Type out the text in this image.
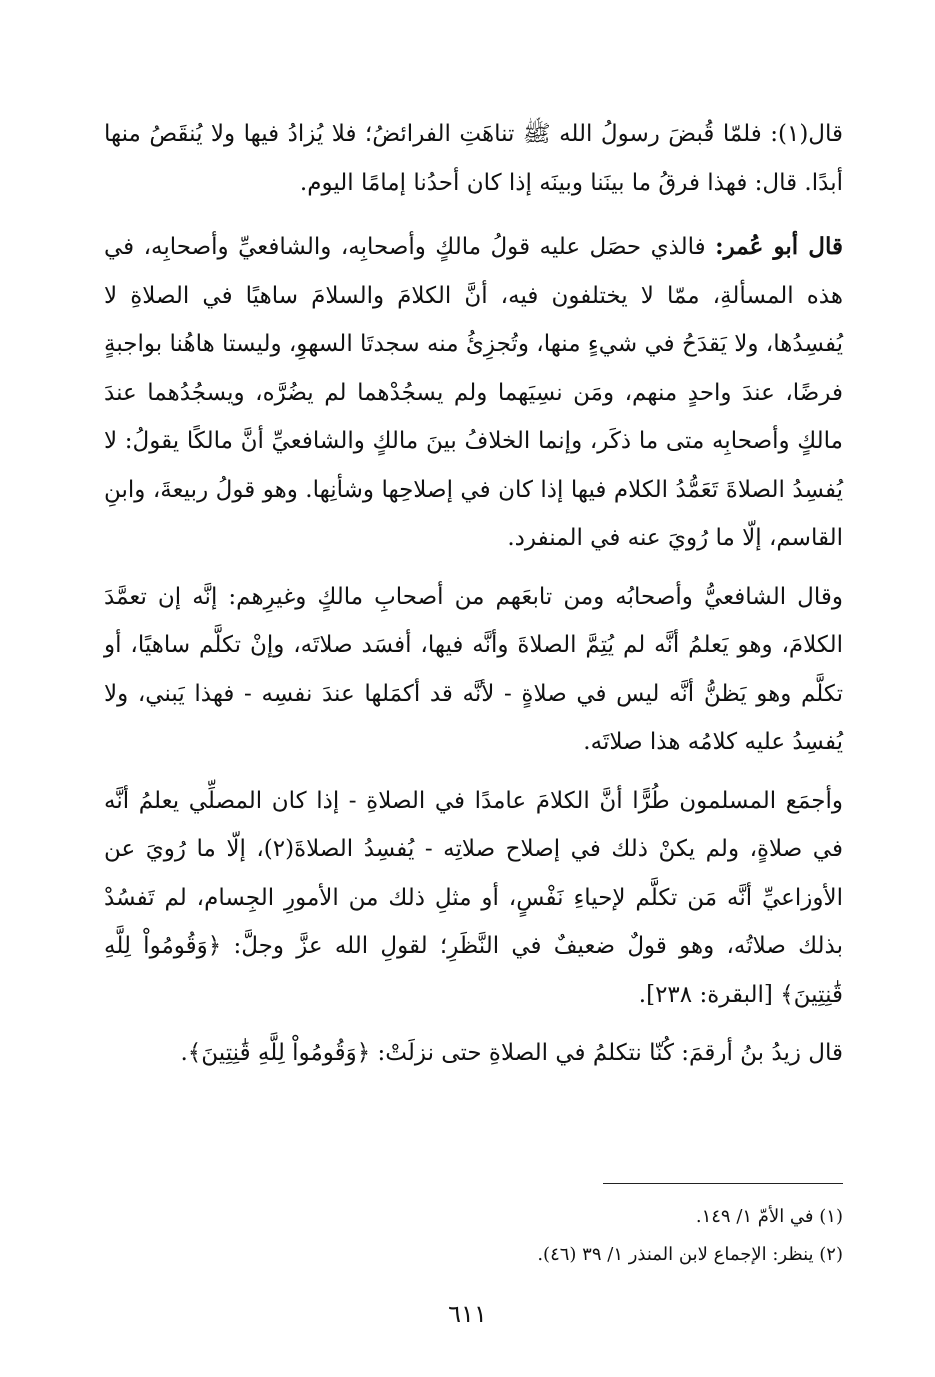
قال(١): فلمّا قُبضَ رسولُ الله ﷺ تناهَتِ الفرائضُ؛ فلا يُزادُ فيها ولا يُنقَصُ منها أبدًا. قال: فهذا فرقُ ما بينَنا وبينَه إذا كان أحدُنا إمامًا اليوم.

قال أبو عُمر: فالذي حصَل عليه قولُ مالكٍ وأصحابِه، والشافعيِّ وأصحابِه، في هذه المسألةِ، ممّا لا يختلفون فيه، أنَّ الكلامَ والسلامَ ساهيًا في الصلاةِ لا يُفسِدُها، ولا يَقدَحُ في شيءٍ منها، وتُجزِئُ منه سجدتَا السهوِ، وليستا هاهُنا بواجبةٍ فرضًا، عندَ واحدٍ منهم، ومَن نسِيَهما ولم يسجُدْهما لم يضُرَّه، ويسجُدُهما عندَ مالكٍ وأصحابِه متى ما ذكَر، وإنما الخلافُ بينَ مالكٍ والشافعيِّ أنَّ مالكًا يقولُ: لا يُفسِدُ الصلاةَ تَعَمُّدُ الكلام فيها إذا كان في إصلاحِها وشأنِها. وهو قولُ ربيعةَ، وابنِ القاسم، إلّا ما رُويَ عنه في المنفرد.

وقال الشافعيُّ وأصحابُه ومن تابعَهم من أصحابِ مالكٍ وغيرِهم: إنَّه إن تعمَّدَ الكلامَ، وهو يَعلمُ أنَّه لم يُتِمَّ الصلاةَ وأنَّه فيها، أفسَد صلاتَه، وإنْ تكلَّم ساهيًا، أو تكلَّم وهو يَظنُّ أنَّه ليس في صلاةٍ - لأنَّه قد أكمَلها عندَ نفسِه - فهذا يَبني، ولا يُفسِدُ عليه كلامُه هذا صلاتَه.

وأجمَع المسلمون طُرًّا أنَّ الكلامَ عامدًا في الصلاةِ - إذا كان المصلِّي يعلمُ أنَّه في صلاةٍ، ولم يكنْ ذلك في إصلاح صلاتِه - يُفسِدُ الصلاةَ(٢)، إلّا ما رُويَ عن الأوزاعيِّ أنَّه مَن تكلَّم لإحياءِ نَفْسٍ، أو مثلِ ذلك من الأمورِ الجِسام، لم تَفسُدْ بذلك صلاتُه، وهو قولٌ ضعيفٌ في النَّظَرِ؛ لقولِ الله عزَّ وجلَّ: ﴿وَقُومُواْ لِلَّهِ قَٰنِتِينَ﴾ [البقرة: ٢٣٨].

قال زيدُ بنُ أرقمَ: كُنّا نتكلمُ في الصلاةِ حتى نزلَتْ: ﴿وَقُومُواْ لِلَّهِ قَٰنِتِينَ﴾.

(١) في الأمّ ١/ ١٤٩.

(٢) ينظر: الإجماع لابن المنذر ١/ ٣٩ (٤٦).

٦١١
